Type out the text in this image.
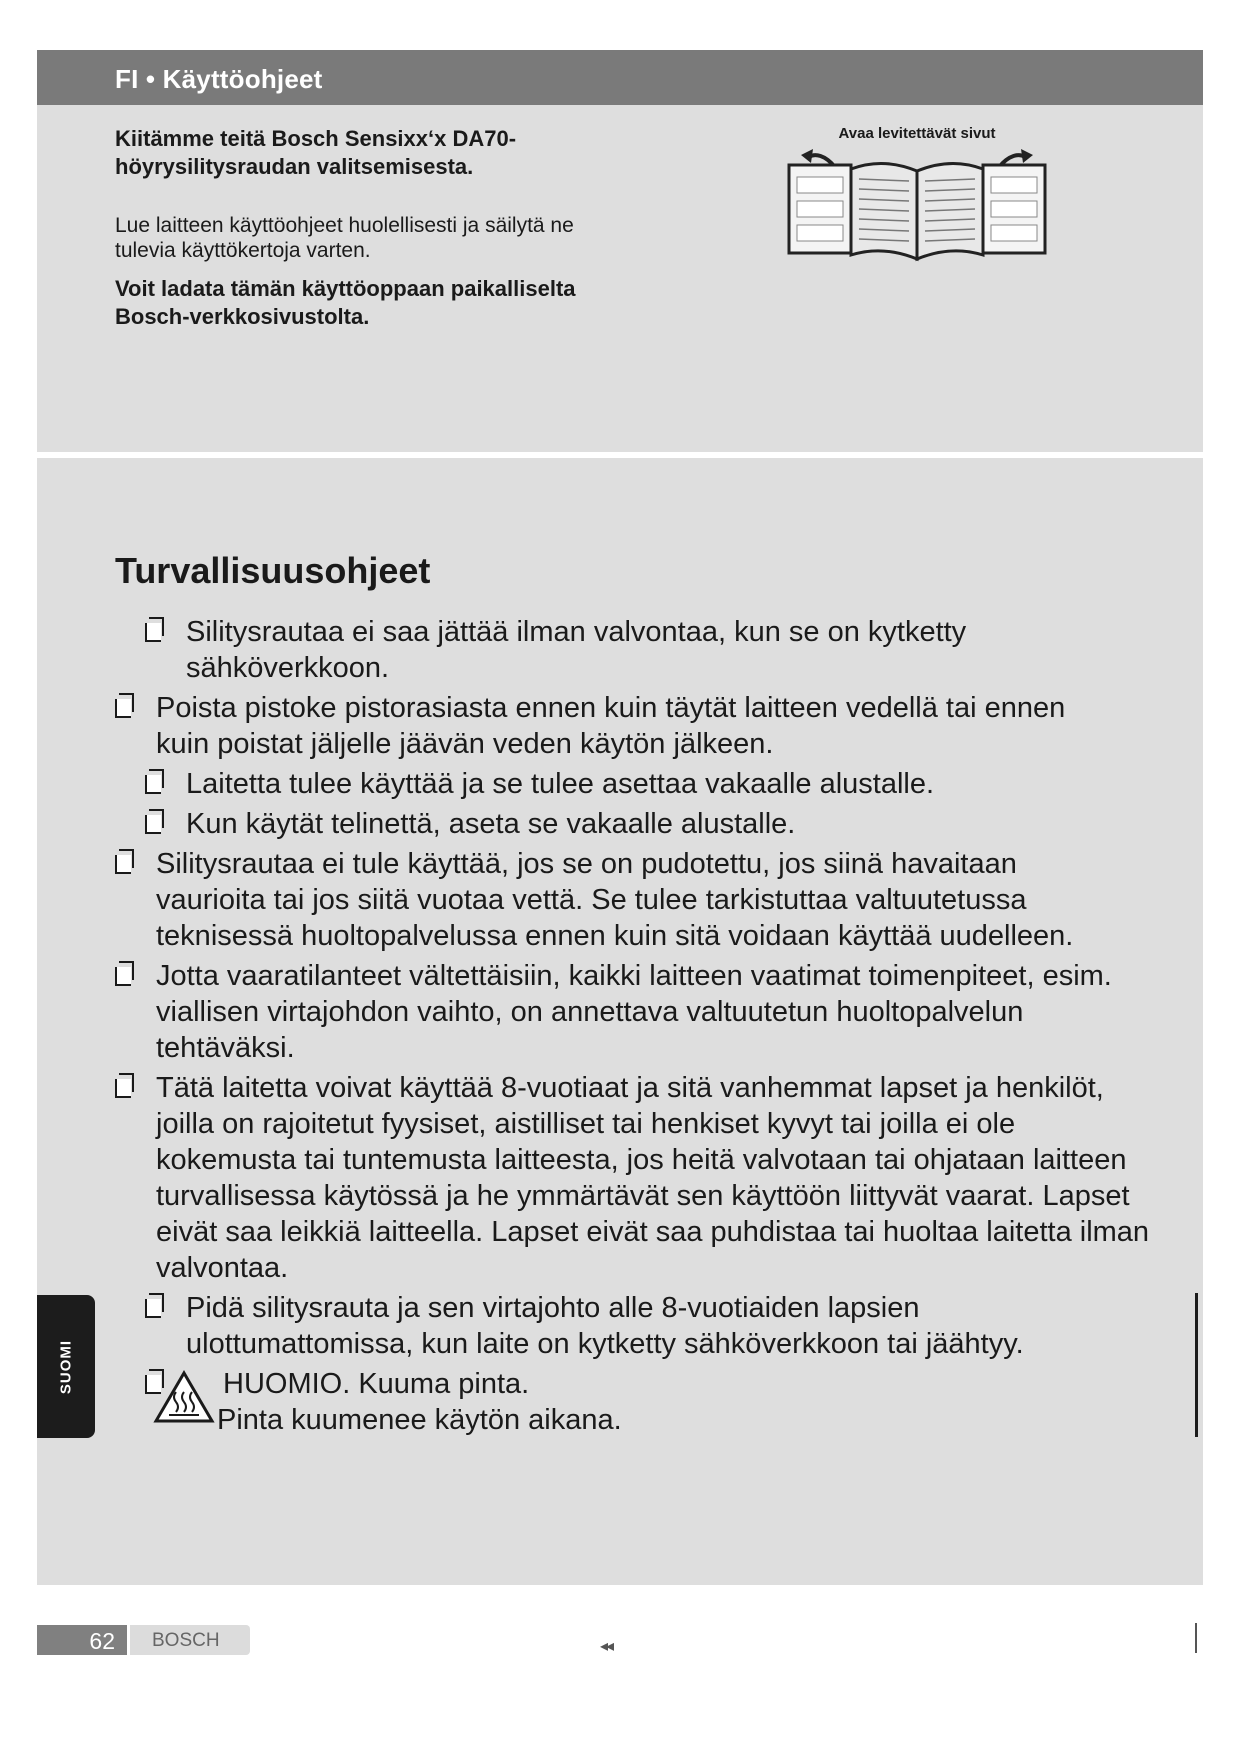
FI • Käyttöohjeet
Kiitämme teitä Bosch Sensixx‘x DA70-höyrysilitysraudan valitsemisesta.
Lue laitteen käyttöohjeet huolellisesti ja säilytä ne tulevia käyttökertoja varten.
Voit ladata tämän käyttöoppaan paikalliselta Bosch-verkkosivustolta.
Avaa levitettävät sivut
Turvallisuusohjeet

Silitysrautaa ei saa jättää ilman valvontaa, kun se on kytketty sähköverkkoon.

Poista pistoke pistorasiasta ennen kuin täytät laitteen vedellä tai ennen kuin poistat jäljelle jäävän veden käytön jälkeen.

Laitetta tulee käyttää ja se tulee asettaa vakaalle alustalle.

Kun käytät telinettä, aseta se vakaalle alustalle.

Silitysrautaa ei tule käyttää, jos se on pudotettu, jos siinä havaitaan vaurioita tai jos siitä vuotaa vettä. Se tulee tarkistuttaa valtuutetussa teknisessä huoltopalvelussa ennen kuin sitä voidaan käyttää uudelleen.

Jotta vaaratilanteet vältettäisiin, kaikki laitteen vaatimat toimenpiteet, esim. viallisen virtajohdon vaihto, on annettava valtuutetun huoltopalvelun tehtäväksi.

Tätä laitetta voivat käyttää 8-vuotiaat ja sitä vanhemmat lapset ja henkilöt, joilla on rajoitetut fyysiset, aistilliset tai henkiset kyvyt tai joilla ei ole kokemusta tai tuntemusta laitteesta, jos heitä valvotaan tai ohjataan laitteen turvallisessa käytössä ja he ymmärtävät sen käyttöön liittyvät vaarat. Lapset eivät saa leikkiä laitteella. Lapset eivät saa puhdistaa tai huoltaa laitetta ilman valvontaa.

Pidä silitysrauta ja sen virtajohto alle 8-vuotiaiden lapsien ulottumattomissa, kun laite on kytketty sähköverkkoon tai jäähtyy.

HUOMIO. Kuuma pinta.
Pinta kuumenee käytön aikana.
SUOMI
62 BOSCH	◂◂
